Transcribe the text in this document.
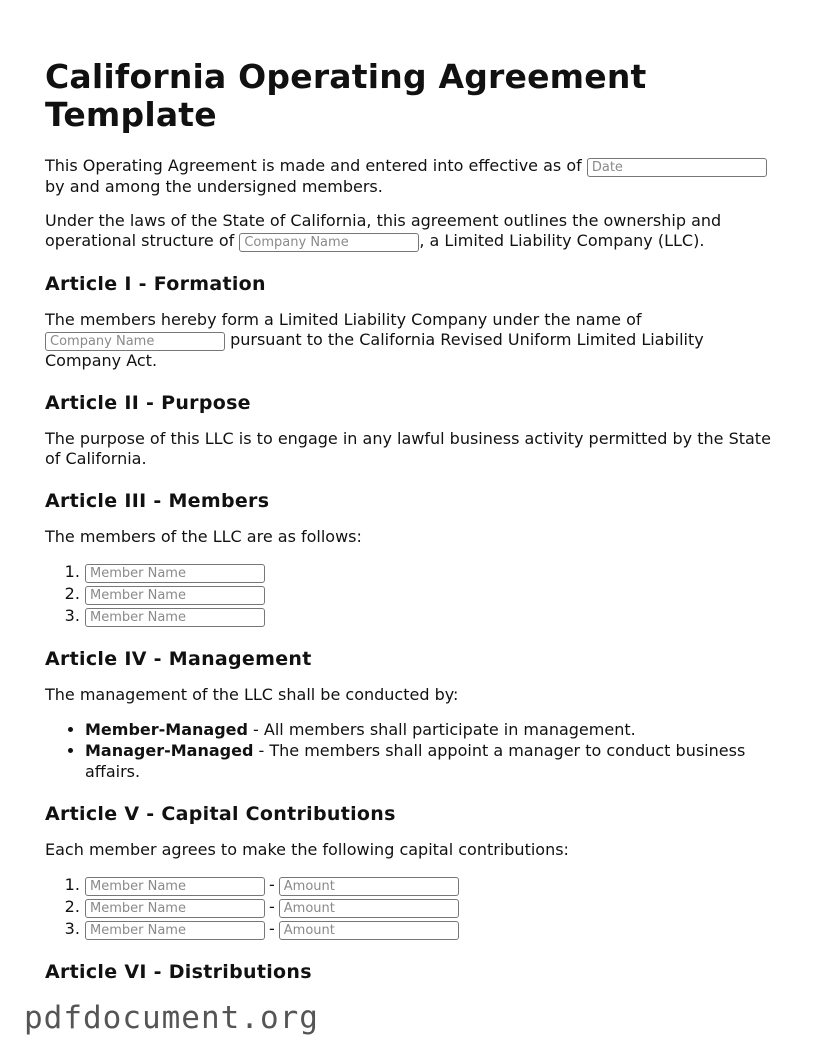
California Operating Agreement Template

This Operating Agreement is made and entered into effective as of Date
by and among the undersigned members.

Under the laws of the State of California, this agreement outlines the ownership and operational structure of Company Name	, a Limited Liability Company (LLC).

Article I - Formation

The members hereby form a Limited Liability Company under the name of
Company Name pursuant to the California Revised Uniform Limited Liability Company Act.

Article II - Purpose

The purpose of this LLC is to engage in any lawful business activity permitted by the State of California.

Article III - Members

The members of the LLC are as follows:

1. Member Name
2. Member Name
3. Member Name
Article IV - Management

The management of the LLC shall be conducted by:

• Member-Managed - All members shall participate in management.
• Manager-Managed - The members shall appoint a manager to conduct business affairs.
Article V - Capital Contributions

Each member agrees to make the following capital contributions:

Member Name 1. -Amount
Member Name 2. -Amount
Member Name 3. -Amount
Article VI - Distributions
pdfdocument.org
